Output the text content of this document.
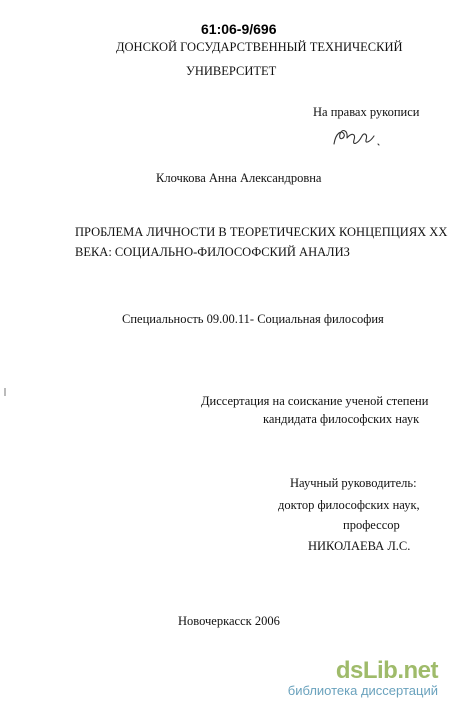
61:06-9/696
ДОНСКОЙ ГОСУДАРСТВЕННЫЙ ТЕХНИЧЕСКИЙ
УНИВЕРСИТЕТ
На правах рукописи
Клочкова Анна Александровна
ПРОБЛЕМА ЛИЧНОСТИ В ТЕОРЕТИЧЕСКИХ КОНЦЕПЦИЯХ XX
ВЕКА: СОЦИАЛЬНО-ФИЛОСОФСКИЙ АНАЛИЗ
Специальность 09.00.11- Социальная философия
Диссертация на соискание ученой степени
кандидата философских наук
Научный руководитель:
доктор философских наук,
профессор
НИКОЛАЕВА Л.С.
Новочеркасск 2006
dsLib.net
библиотека диссертаций
